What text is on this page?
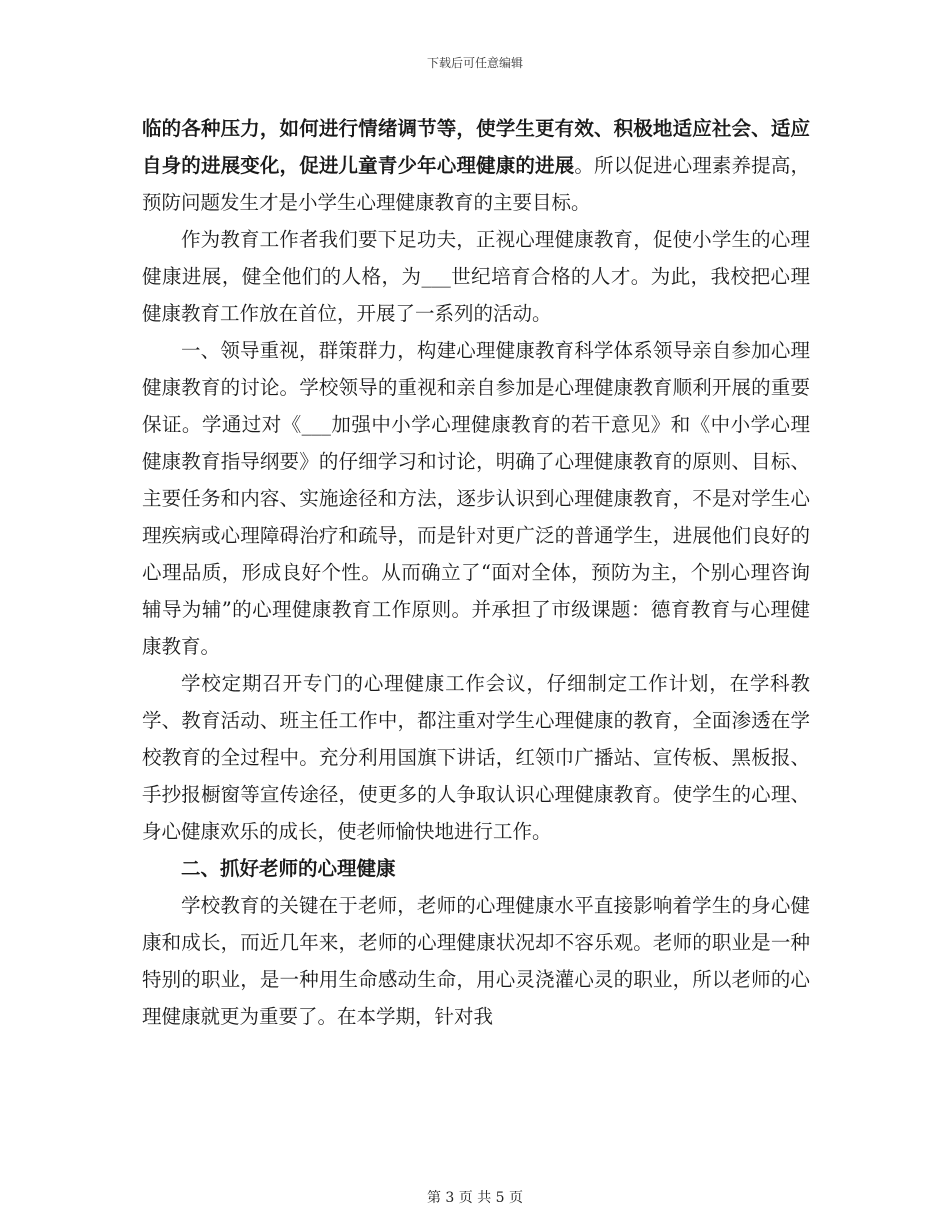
下载后可任意编辑

临的各种压力，如何进行情绪调节等，使学生更有效、积极地适应社会、适应自身的进展变化，促进儿童青少年心理健康的进展。所以促进心理素养提高，预防问题发生才是小学生心理健康教育的主要目标。

作为教育工作者我们要下足功夫，正视心理健康教育，促使小学生的心理健康进展，健全他们的人格，为___世纪培育合格的人才。为此，我校把心理健康教育工作放在首位，开展了一系列的活动。

一、领导重视，群策群力，构建心理健康教育科学体系领导亲自参加心理健康教育的讨论。学校领导的重视和亲自参加是心理健康教育顺利开展的重要保证。学通过对《___加强中小学心理健康教育的若干意见》和《中小学心理健康教育指导纲要》的仔细学习和讨论，明确了心理健康教育的原则、目标、主要任务和内容、实施途径和方法，逐步认识到心理健康教育，不是对学生心理疾病或心理障碍治疗和疏导，而是针对更广泛的普通学生，进展他们良好的心理品质，形成良好个性。从而确立了“面对全体，预防为主，个别心理咨询辅导为辅”的心理健康教育工作原则。并承担了市级课题：德育教育与心理健康教育。

学校定期召开专门的心理健康工作会议，仔细制定工作计划，在学科教学、教育活动、班主任工作中，都注重对学生心理健康的教育，全面渗透在学校教育的全过程中。充分利用国旗下讲话，红领巾广播站、宣传板、黑板报、手抄报橱窗等宣传途径，使更多的人争取认识心理健康教育。使学生的心理、身心健康欢乐的成长，使老师愉快地进行工作。

二、抓好老师的心理健康

学校教育的关键在于老师，老师的心理健康水平直接影响着学生的身心健康和成长，而近几年来，老师的心理健康状况却不容乐观。老师的职业是一种特别的职业，是一种用生命感动生命，用心灵浇灌心灵的职业，所以老师的心理健康就更为重要了。在本学期，针对我

第 3 页 共 5 页
